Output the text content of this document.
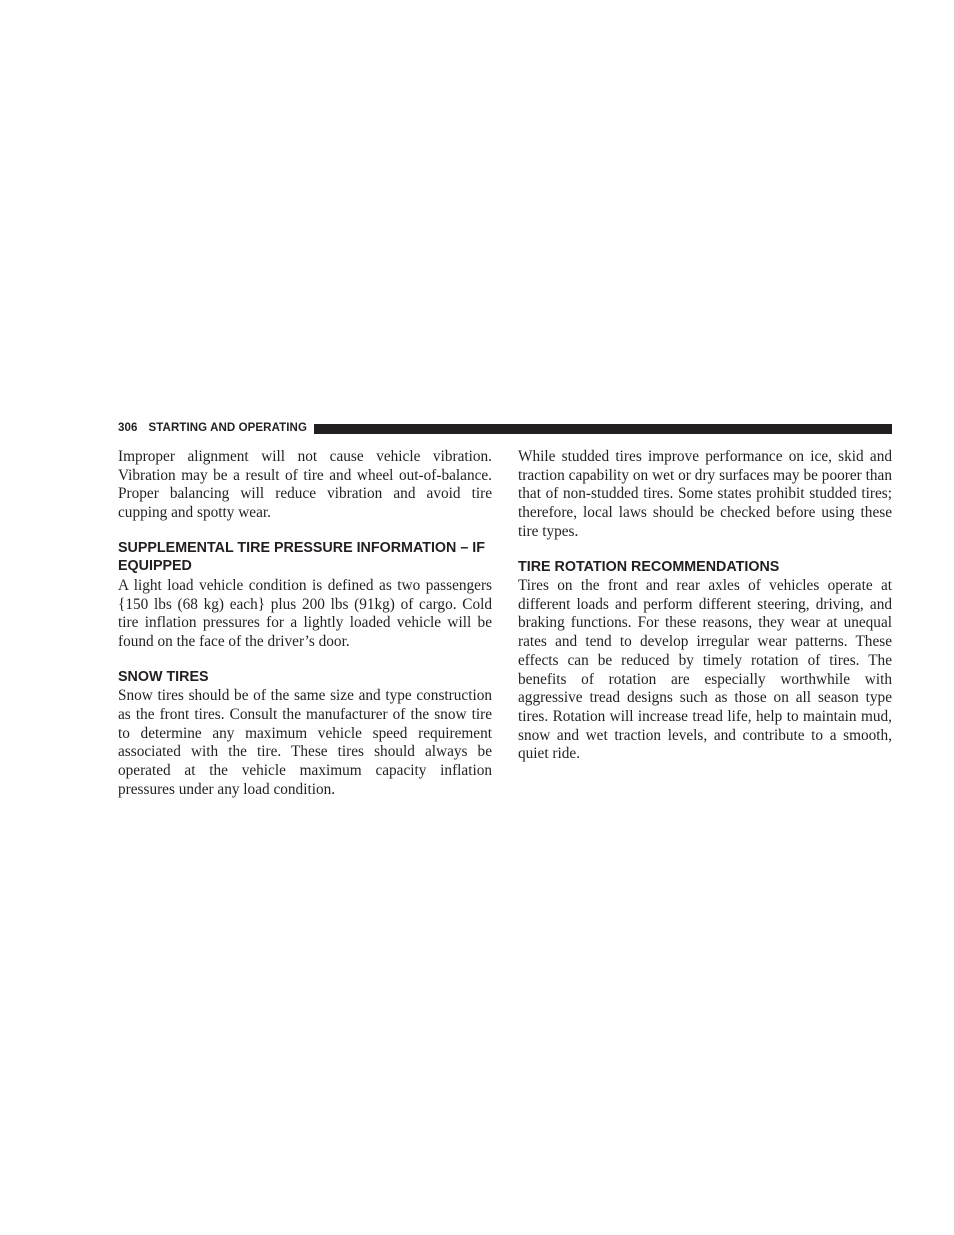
306 STARTING AND OPERATING

Improper alignment will not cause vehicle vibration. Vibration may be a result of tire and wheel out-of-balance. Proper balancing will reduce vibration and avoid tire cupping and spotty wear.

SUPPLEMENTAL TIRE PRESSURE INFORMATION – IF EQUIPPED

A light load vehicle condition is defined as two passengers {150 lbs (68 kg) each} plus 200 lbs (91kg) of cargo. Cold tire inflation pressures for a lightly loaded vehicle will be found on the face of the driver’s door.

SNOW TIRES

Snow tires should be of the same size and type construction as the front tires. Consult the manufacturer of the snow tire to determine any maximum vehicle speed requirement associated with the tire. These tires should always be operated at the vehicle maximum capacity inflation pressures under any load condition.

While studded tires improve performance on ice, skid and traction capability on wet or dry surfaces may be poorer than that of non-studded tires. Some states prohibit studded tires; therefore, local laws should be checked before using these tire types.

TIRE ROTATION RECOMMENDATIONS

Tires on the front and rear axles of vehicles operate at different loads and perform different steering, driving, and braking functions. For these reasons, they wear at unequal rates and tend to develop irregular wear patterns. These effects can be reduced by timely rotation of tires. The benefits of rotation are especially worthwhile with aggressive tread designs such as those on all season type tires. Rotation will increase tread life, help to maintain mud, snow and wet traction levels, and contribute to a smooth, quiet ride.
